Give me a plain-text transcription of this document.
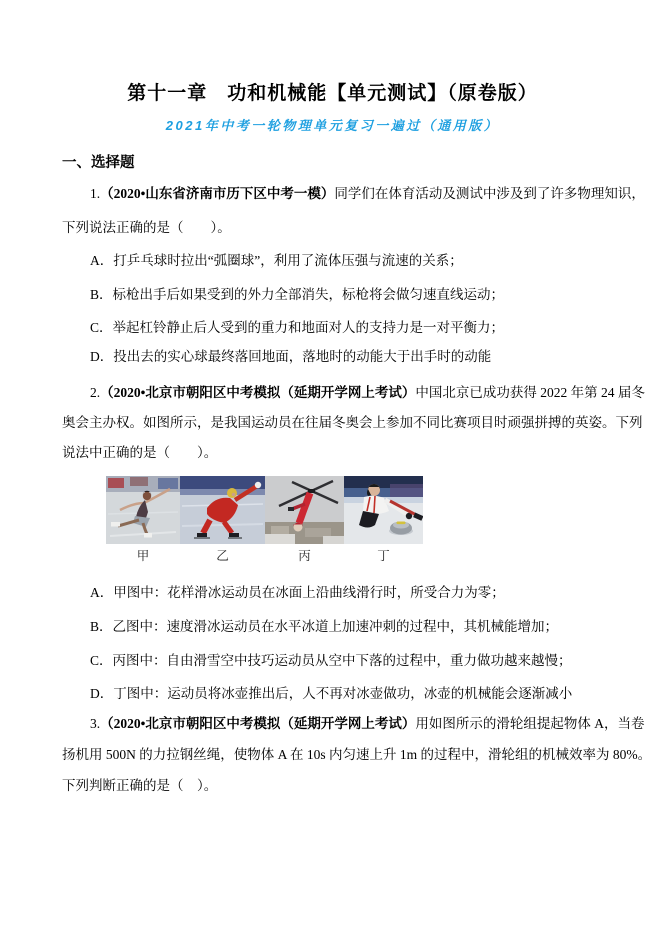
第十一章　功和机械能【单元测试】（原卷版）
2021年中考一轮物理单元复习一遍过（通用版）
一、选择题
1.（2020•山东省济南市历下区中考一模）同学们在体育活动及测试中涉及到了许多物理知识，
下列说法正确的是（　　）。
A．打乒乓球时拉出“弧圈球”，利用了流体压强与流速的关系；
B．标枪出手后如果受到的外力全部消失，标枪将会做匀速直线运动；
C．举起杠铃静止后人受到的重力和地面对人的支持力是一对平衡力；
D．投出去的实心球最终落回地面，落地时的动能大于出手时的动能
2.（2020•北京市朝阳区中考模拟（延期开学网上考试）中国北京已成功获得 2022 年第 24 届冬
奥会主办权。如图所示，是我国运动员在往届冬奥会上参加不同比赛项目时顽强拼搏的英姿。下列
说法中正确的是（　　）。
甲	乙	丙	丁
A．甲图中：花样滑冰运动员在冰面上沿曲线滑行时，所受合力为零；
B．乙图中：速度滑冰运动员在水平冰道上加速冲刺的过程中，其机械能增加；
C．丙图中：自由滑雪空中技巧运动员从空中下落的过程中，重力做功越来越慢；
D．丁图中：运动员将冰壶推出后，人不再对冰壶做功，冰壶的机械能会逐渐减小
3.（2020•北京市朝阳区中考模拟（延期开学网上考试）用如图所示的滑轮组提起物体 A，当卷
扬机用 500N 的力拉钢丝绳，使物体 A 在 10s 内匀速上升 1m 的过程中，滑轮组的机械效率为 80%。
下列判断正确的是（　）。
